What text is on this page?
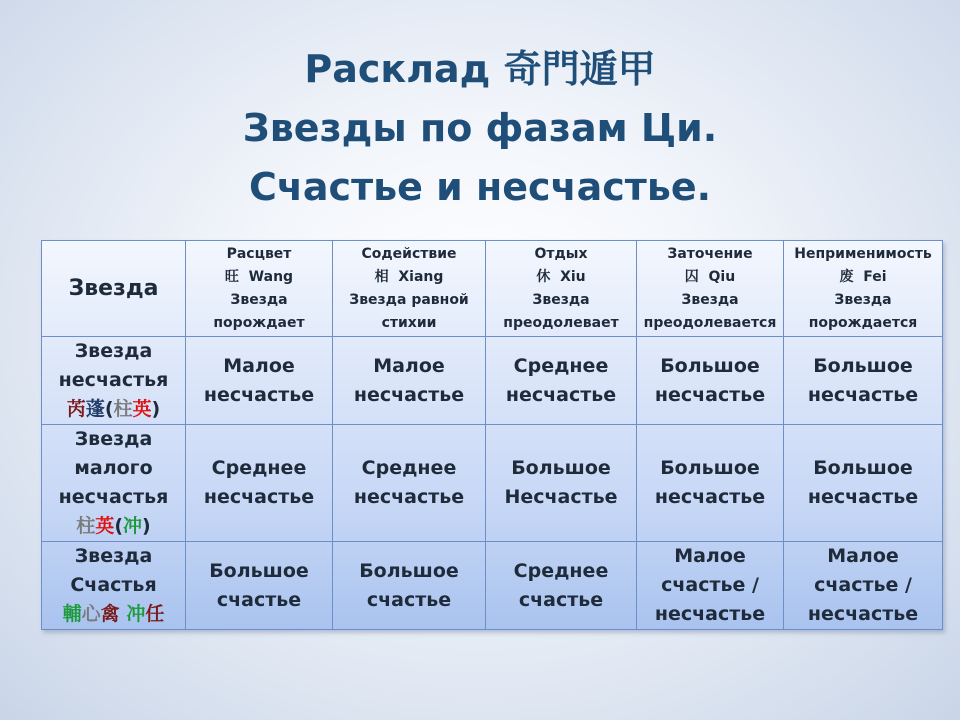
Расклад 奇門遁甲
Звезды по фазам Ци.
Счастье и несчастье.
Звезда	Расцвет
旺 Wang
Звезда
порождает	Содействие
相 Xiang
Звезда равной
стихии	Отдых
休 Xiu
Звезда
преодолевает	Заточение
囚 Qiu
Звезда
преодолевается	Неприменимость
废 Fei
Звезда
порождается

Звезда
несчастья
芮蓬(柱英)	Малое
несчастье	Малое
несчастье	Среднее
несчастье	Большое
несчастье	Большое
несчастье

Звезда
малого
несчастья
柱英(冲)	Среднее
несчастье	Среднее
несчастье	Большое
Несчастье	Большое
несчастье	Большое
несчастье

Звезда
Счастья
輔心禽 冲任	Большое
счастье	Большое
счастье	Среднее
счастье	Малое
счастье /
несчастье	Малое
счастье /
несчастье
